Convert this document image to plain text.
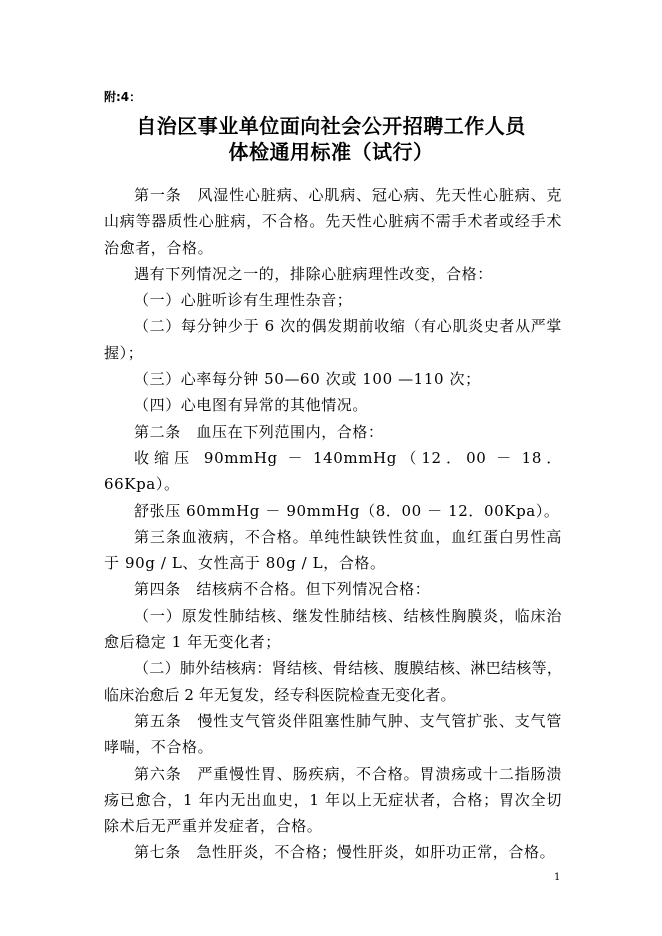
附:4：
自治区事业单位面向社会公开招聘工作人员
体检通用标准（试行）

第一条　风湿性心脏病、心肌病、冠心病、先天性心脏病、克山病等器质性心脏病，不合格。先天性心脏病不需手术者或经手术治愈者，合格。

遇有下列情况之一的，排除心脏病理性改变，合格：

（一）心脏听诊有生理性杂音；

（二）每分钟少于 6 次的偶发期前收缩（有心肌炎史者从严掌握）；

（三）心率每分钟 50—60 次或 100 —110 次；

（四）心电图有异常的其他情况。

第二条　血压在下列范围内，合格：

收缩压 90mmHg － 140mmHg（12．00 － 18．66Kpa）。

舒张压 60mmHg － 90mmHg（8．00 － 12．00Kpa）。

第三条血液病，不合格。单纯性缺铁性贫血，血红蛋白男性高于 90g / L、女性高于 80g / L，合格。

第四条　结核病不合格。但下列情况合格：

（一）原发性肺结核、继发性肺结核、结核性胸膜炎，临床治愈后稳定 1 年无变化者；

（二）肺外结核病：肾结核、骨结核、腹膜结核、淋巴结核等，临床治愈后 2 年无复发，经专科医院检查无变化者。

第五条　慢性支气管炎伴阻塞性肺气肿、支气管扩张、支气管哮喘，不合格。

第六条　严重慢性胃、肠疾病，不合格。胃溃疡或十二指肠溃疡已愈合，1 年内无出血史，1 年以上无症状者，合格；胃次全切除术后无严重并发症者，合格。

第七条　急性肝炎，不合格；慢性肝炎，如肝功正常，合格。

1
